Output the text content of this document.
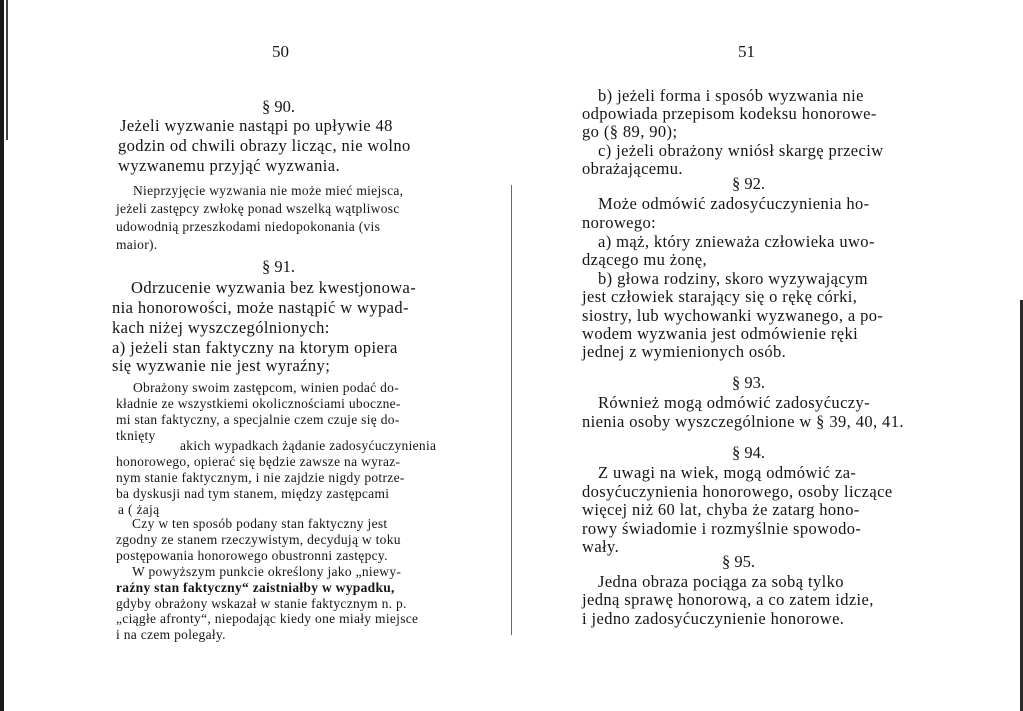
50	51
§ 90.
Jeżeli wyzwanie nastąpi po upływie 48
godzin od chwili obrazy licząc, nie wolno
wyzwanemu przyjąć wyzwania.
Nieprzyjęcie wyzwania nie może mieć miejsca,
jeżeli zastępcy zwłokę ponad wszelką wątpliwosc
udowodnią przeszkodami niedopokonania (vis
maior).
§ 91.
Odrzucenie wyzwania bez kwestjonowa-
nia honorowości, może nastąpić w wypad-
kach niżej wyszczególnionych:
a) jeżeli stan faktyczny na ktorym opiera
się wyzwanie nie jest wyraźny;
Obrażony swoim zastępcom, winien podać do-
kładnie ze wszystkiemi okolicznościami uboczne-
mi stan faktyczny, a specjalnie czem czuje się do-
tknięty
akich wypadkach żądanie zadosyćuczynienia
honorowego, opierać się będzie zawsze na wyraz-
nym stanie faktycznym, i nie zajdzie nigdy potrze-
ba dyskusji nad tym stanem, między zastępcami
a ( żają
Czy w ten sposób podany stan faktyczny jest
zgodny ze stanem rzeczywistym, decydują w toku
postępowania honorowego obustronni zastępcy.
W powyższym punkcie określony jako „niewy-
raźny stan faktyczny“ zaistniałby w wypadku,
gdyby obrażony wskazał w stanie faktycznym n. p.
„ciągłe afronty“, niepodając kiedy one miały miejsce
i na czem polegały.
b) jeżeli forma i sposób wyzwania nie
odpowiada przepisom kodeksu honorowe-
go (§ 89, 90);
c) jeżeli obrażony wniósł skargę przeciw
obrażającemu.
§ 92.
Może odmówić zadosyćuczynienia ho-
norowego:
a) mąż, który znieważa człowieka uwo-
dzącego mu żonę,
b) głowa rodziny, skoro wyzywającym
jest człowiek starający się o rękę córki,
siostry, lub wychowanki wyzwanego, a po-
wodem wyzwania jest odmówienie ręki
jednej z wymienionych osób.
§ 93.
Również mogą odmówić zadosyćuczy-
nienia osoby wyszczególnione w § 39, 40, 41.
§ 94.
Z uwagi na wiek, mogą odmówić za-
dosyćuczynienia honorowego, osoby liczące
więcej niż 60 lat, chyba że zatarg hono-
rowy świadomie i rozmyślnie spowodo-
wały.
§ 95.
Jedna obraza pociąga za sobą tylko
jedną sprawę honorową, a co zatem idzie,
i jedno zadosyćuczynienie honorowe.
